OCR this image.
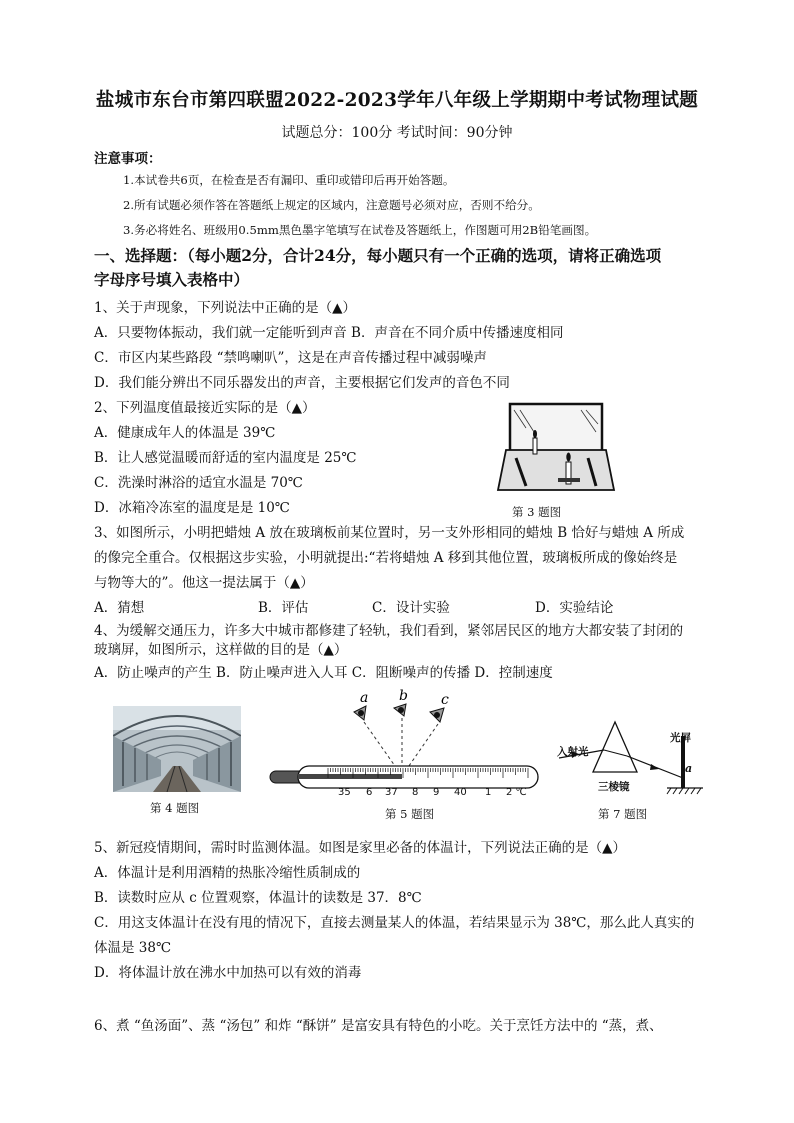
盐城市东台市第四联盟2022-2023学年八年级上学期期中考试物理试题
试题总分：100分 考试时间：90分钟
注意事项：
1.本试卷共6页，在检查是否有漏印、重印或错印后再开始答题。
2.所有试题必须作答在答题纸上规定的区域内，注意题号必须对应，否则不给分。
3.务必将姓名、班级用0.5mm黑色墨字笔填写在试卷及答题纸上，作图题可用2B铅笔画图。
一、选择题：（每小题2分，合计24分，每小题只有一个正确的选项，请将正确选项
字母序号填入表格中）
1、关于声现象，下列说法中正确的是（▲）
A．只要物体振动，我们就一定能听到声音 B．声音在不同介质中传播速度相同
C．市区内某些路段 “禁鸣喇叭”，这是在声音传播过程中减弱噪声
D．我们能分辨出不同乐器发出的声音，主要根据它们发声的音色不同
2、下列温度值最接近实际的是（▲）
A．健康成年人的体温是 39℃
B．让人感觉温暖而舒适的室内温度是 25℃
C．洗澡时淋浴的适宜水温是 70℃
D．冰箱冷冻室的温度是是 10℃	第 3 题图
3、如图所示，小明把蜡烛 A 放在玻璃板前某位置时，另一支外形相同的蜡烛 B 恰好与蜡烛 A 所成
的像完全重合。仅根据这步实验，小明就提出:“若将蜡烛 A 移到其他位置，玻璃板所成的像始终是
与物等大的”。他这一提法属于（▲）
A．猜想	B．评估	C．设计实验	D．实验结论
4、为缓解交通压力，许多大中城市都修建了轻轨，我们看到，紧邻居民区的地方大都安装了封闭的
玻璃屏，如图所示，这样做的目的是（▲）
A．防止噪声的产生 B．防止噪声进入人耳 C．阻断噪声的传播 D．控制速度
第 4 题图
a b c
35 6 37 8 9 40 1 2 ℃
第 5 题图
入射光
三棱镜
光屏
a
第 7 题图
5、新冠疫情期间，需时时监测体温。如图是家里必备的体温计，下列说法正确的是（▲）
A．体温计是利用酒精的热胀冷缩性质制成的
B．读数时应从 c 位置观察，体温计的读数是 37．8℃
C．用这支体温计在没有甩的情况下，直接去测量某人的体温，若结果显示为 38℃，那么此人真实的
体温是 38℃
D．将体温计放在沸水中加热可以有效的消毒
6、煮 “鱼汤面”、蒸 “汤包” 和炸 “酥饼” 是富安具有特色的小吃。关于烹饪方法中的 “蒸，煮、
